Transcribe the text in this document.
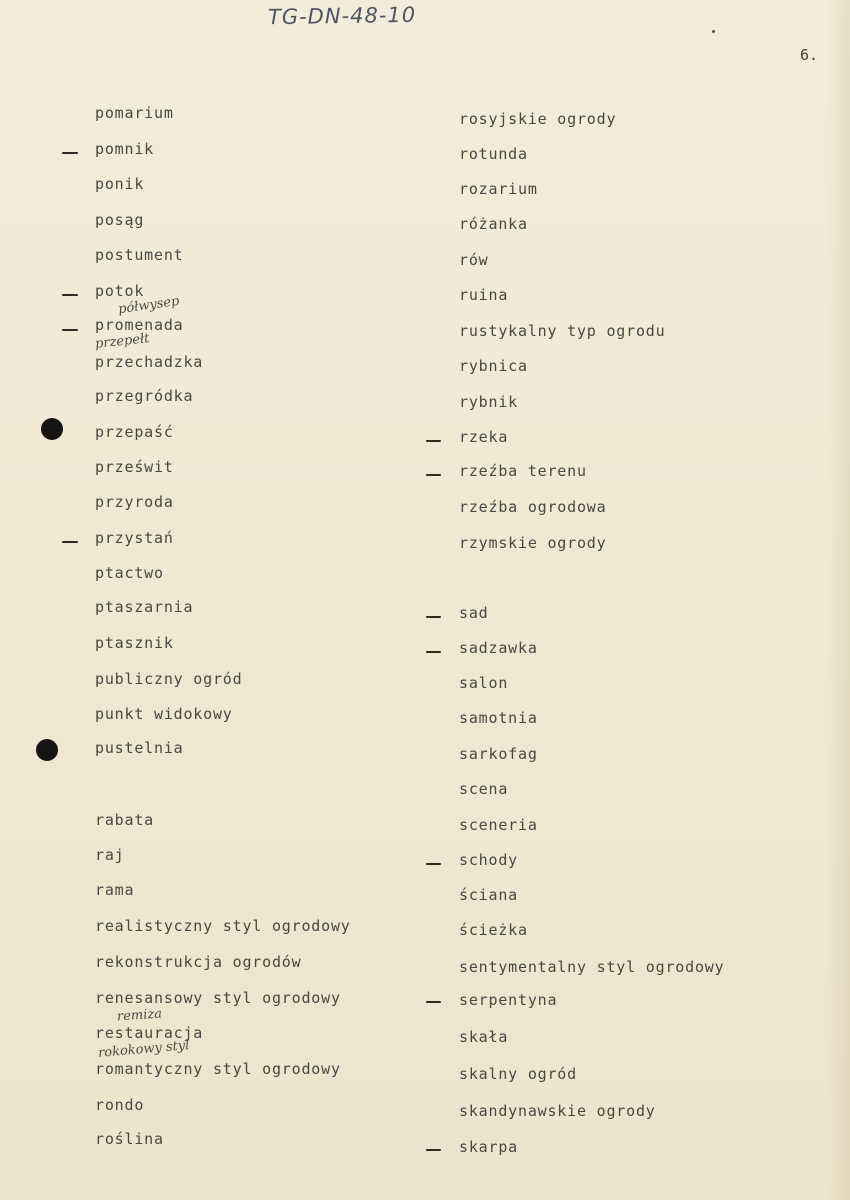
TG-DN-48-10
6.
pomarium
pomnik
ponik
posąg
postument
potok
półwysep
promenada
przepełt
przechadzka
przegródka
przepaść
prześwit
przyroda
przystań
ptactwo
ptaszarnia
ptasznik
publiczny ogród
punkt widokowy
pustelnia
rabata
raj
rama
realistyczny styl ogrodowy
rekonstrukcja ogrodów
renesansowy styl ogrodowy
remiza
restauracja
rokokowy styl
romantyczny styl ogrodowy
rondo
roślina
rosyjskie ogrody
rotunda
rozarium
różanka
rów
ruina
rustykalny typ ogrodu
rybnica
rybnik
rzeka
rzeźba terenu
rzeźba ogrodowa
rzymskie ogrody
sad
sadzawka
salon
samotnia
sarkofag
scena
sceneria
schody
ściana
ścieżka
sentymentalny styl ogrodowy
serpentyna
skała
skalny ogród
skandynawskie ogrody
skarpa
